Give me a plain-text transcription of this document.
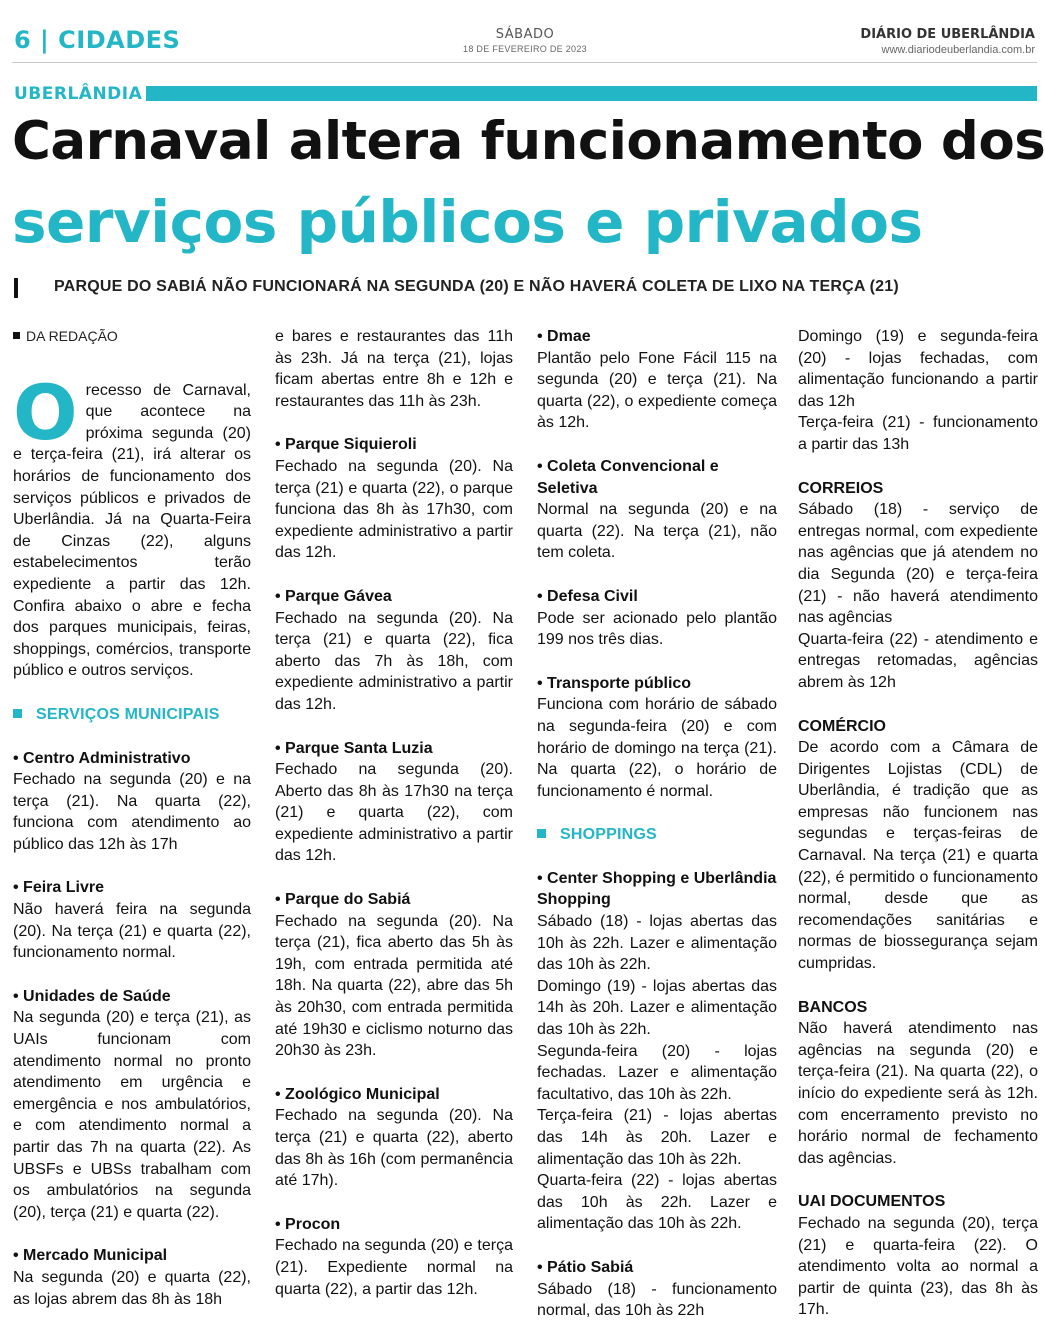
6 | CIDADES	SÁBADO
18 DE FEVEREIRO DE 2023
DIÁRIO DE UBERLÂNDIA
www.diariodeuberlandia.com.br
UBERLÂNDIA
Carnaval altera funcionamento dos
serviços públicos e privados
PARQUE DO SABIÁ NÃO FUNCIONARÁ NA SEGUNDA (20) E NÃO HAVERÁ COLETA DE LIXO NA TERÇA (21)

DA REDAÇÃO

O recesso de Carnaval, que acontece na próxima segunda (20) e terça-feira (21), irá alterar os horários de funcionamento dos serviços públicos e privados de Uberlândia. Já na Quarta-Feira de Cinzas (22), alguns estabelecimentos terão expediente a partir das 12h. Confira abaixo o abre e fecha dos parques municipais, feiras, shoppings, comércios, transporte público e outros serviços.

SERVIÇOS MUNICIPAIS

• Centro Administrativo

Fechado na segunda (20) e na terça (21). Na quarta (22), funciona com atendimento ao público das 12h às 17h

• Feira Livre

Não haverá feira na segunda (20). Na terça (21) e quarta (22), funcionamento normal.

• Unidades de Saúde

Na segunda (20) e terça (21), as UAIs funcionam com atendimento normal no pronto atendimento em urgência e emergência e nos ambulatórios, e com atendimento normal a partir das 7h na quarta (22). As UBSFs e UBSs trabalham com os ambulatórios na segunda (20), terça (21) e quarta (22).

• Mercado Municipal

Na segunda (20) e quarta (22), as lojas abrem das 8h às 18h

e bares e restaurantes das 11h às 23h. Já na terça (21), lojas ficam abertas entre 8h e 12h e restaurantes das 11h às 23h.

• Parque Siquieroli

Fechado na segunda (20). Na terça (21) e quarta (22), o parque funciona das 8h às 17h30, com expediente administrativo a partir das 12h.

• Parque Gávea

Fechado na segunda (20). Na terça (21) e quarta (22), fica aberto das 7h às 18h, com expediente administrativo a partir das 12h.

• Parque Santa Luzia

Fechado na segunda (20). Aberto das 8h às 17h30 na terça (21) e quarta (22), com expediente administrativo a partir das 12h.

• Parque do Sabiá

Fechado na segunda (20). Na terça (21), fica aberto das 5h às 19h, com entrada permitida até 18h. Na quarta (22), abre das 5h às 20h30, com entrada permitida até 19h30 e ciclismo noturno das 20h30 às 23h.

• Zoológico Municipal

Fechado na segunda (20). Na terça (21) e quarta (22), aberto das 8h às 16h (com permanência até 17h).

• Procon

Fechado na segunda (20) e terça (21). Expediente normal na quarta (22), a partir das 12h.

• Dmae

Plantão pelo Fone Fácil 115 na segunda (20) e terça (21). Na quarta (22), o expediente começa às 12h.

• Coleta Convencional e Seletiva

Normal na segunda (20) e na quarta (22). Na terça (21), não tem coleta.

• Defesa Civil

Pode ser acionado pelo plantão 199 nos três dias.

• Transporte público

Funciona com horário de sábado na segunda-feira (20) e com horário de domingo na terça (21). Na quarta (22), o horário de funcionamento é normal.

SHOPPINGS

• Center Shopping e Uberlândia Shopping

Sábado (18) - lojas abertas das 10h às 22h. Lazer e alimentação das 10h às 22h.

Domingo (19) - lojas abertas das 14h às 20h. Lazer e alimentação das 10h às 22h.

Segunda-feira (20) - lojas fechadas. Lazer e alimentação facultativo, das 10h às 22h.

Terça-feira (21) - lojas abertas das 14h às 20h. Lazer e alimentação das 10h às 22h.

Quarta-feira (22) - lojas abertas das 10h às 22h. Lazer e alimentação das 10h às 22h.

• Pátio Sabiá

Sábado (18) - funcionamento normal, das 10h às 22h

Domingo (19) e segunda-feira (20) - lojas fechadas, com alimentação funcionando a partir das 12h

Terça-feira (21) - funcionamento a partir das 13h

CORREIOS

Sábado (18) - serviço de entregas normal, com expediente nas agências que já atendem no dia Segunda (20) e terça-feira (21) - não haverá atendimento nas agências

Quarta-feira (22) - atendimento e entregas retomadas, agências abrem às 12h

COMÉRCIO

De acordo com a Câmara de Dirigentes Lojistas (CDL) de Uberlândia, é tradição que as empresas não funcionem nas segundas e terças-feiras de Carnaval. Na terça (21) e quarta (22), é permitido o funcionamento normal, desde que as recomendações sanitárias e normas de biossegurança sejam cumpridas.

BANCOS

Não haverá atendimento nas agências na segunda (20) e terça-feira (21). Na quarta (22), o início do expediente será às 12h. com encerramento previsto no horário normal de fechamento das agências.

UAI DOCUMENTOS

Fechado na segunda (20), terça (21) e quarta-feira (22). O atendimento volta ao normal a partir de quinta (23), das 8h às 17h.
